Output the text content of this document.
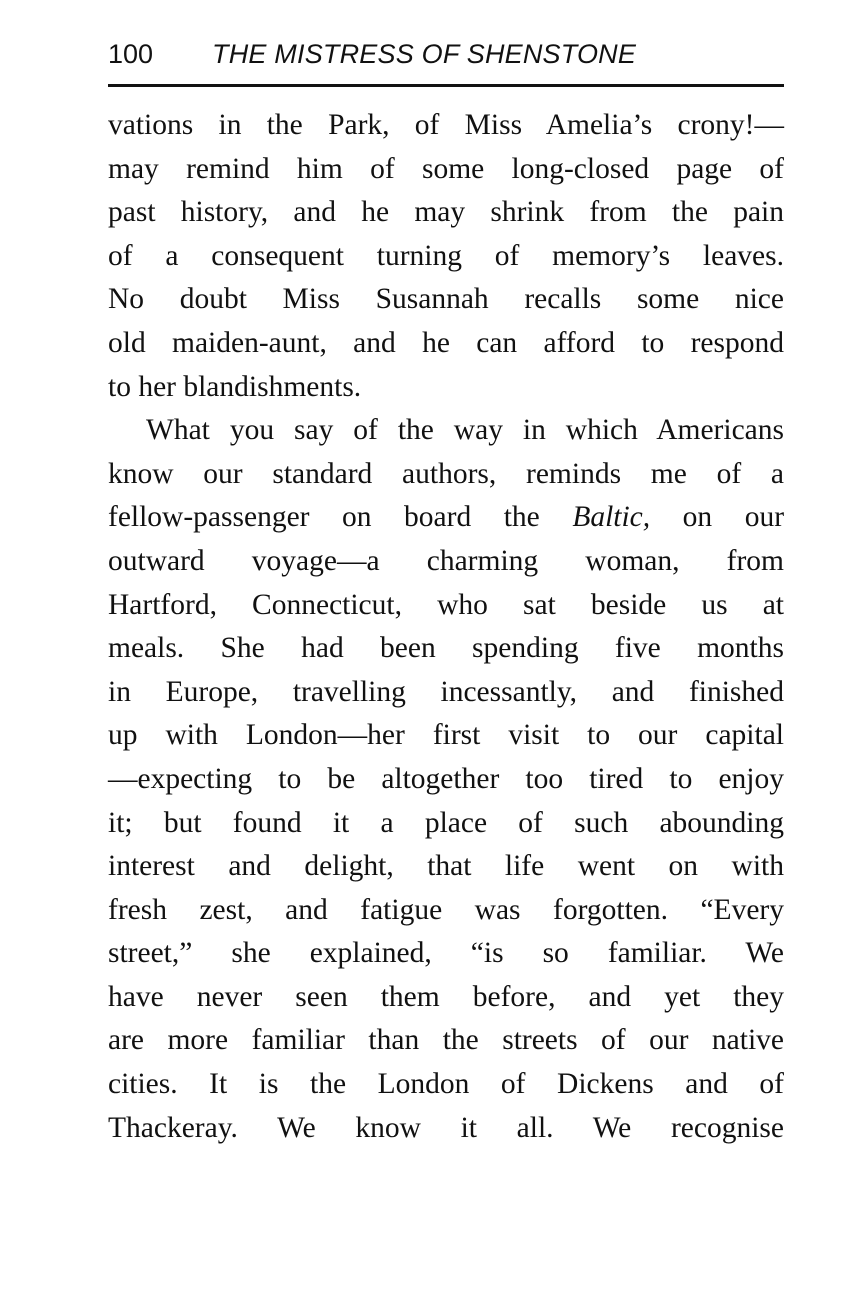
100 THE MISTRESS OF SHENSTONE
vations in the Park, of Miss Amelia’s crony!—
may remind him of some long-closed page of
past history, and he may shrink from the pain
of a consequent turning of memory’s leaves.
No doubt Miss Susannah recalls some nice
old maiden-aunt, and he can afford to respond
to her blandishments.
What you say of the way in which Americans
know our standard authors, reminds me of a
fellow-passenger on board the Baltic, on our
outward voyage—a charming woman, from
Hartford, Connecticut, who sat beside us at
meals. She had been spending five months
in Europe, travelling incessantly, and finished
up with London—her first visit to our capital
—expecting to be altogether too tired to enjoy
it; but found it a place of such abounding
interest and delight, that life went on with
fresh zest, and fatigue was forgotten. “Every
street,” she explained, “is so familiar. We
have never seen them before, and yet they
are more familiar than the streets of our native
cities. It is the London of Dickens and of
Thackeray. We know it all. We recognise
